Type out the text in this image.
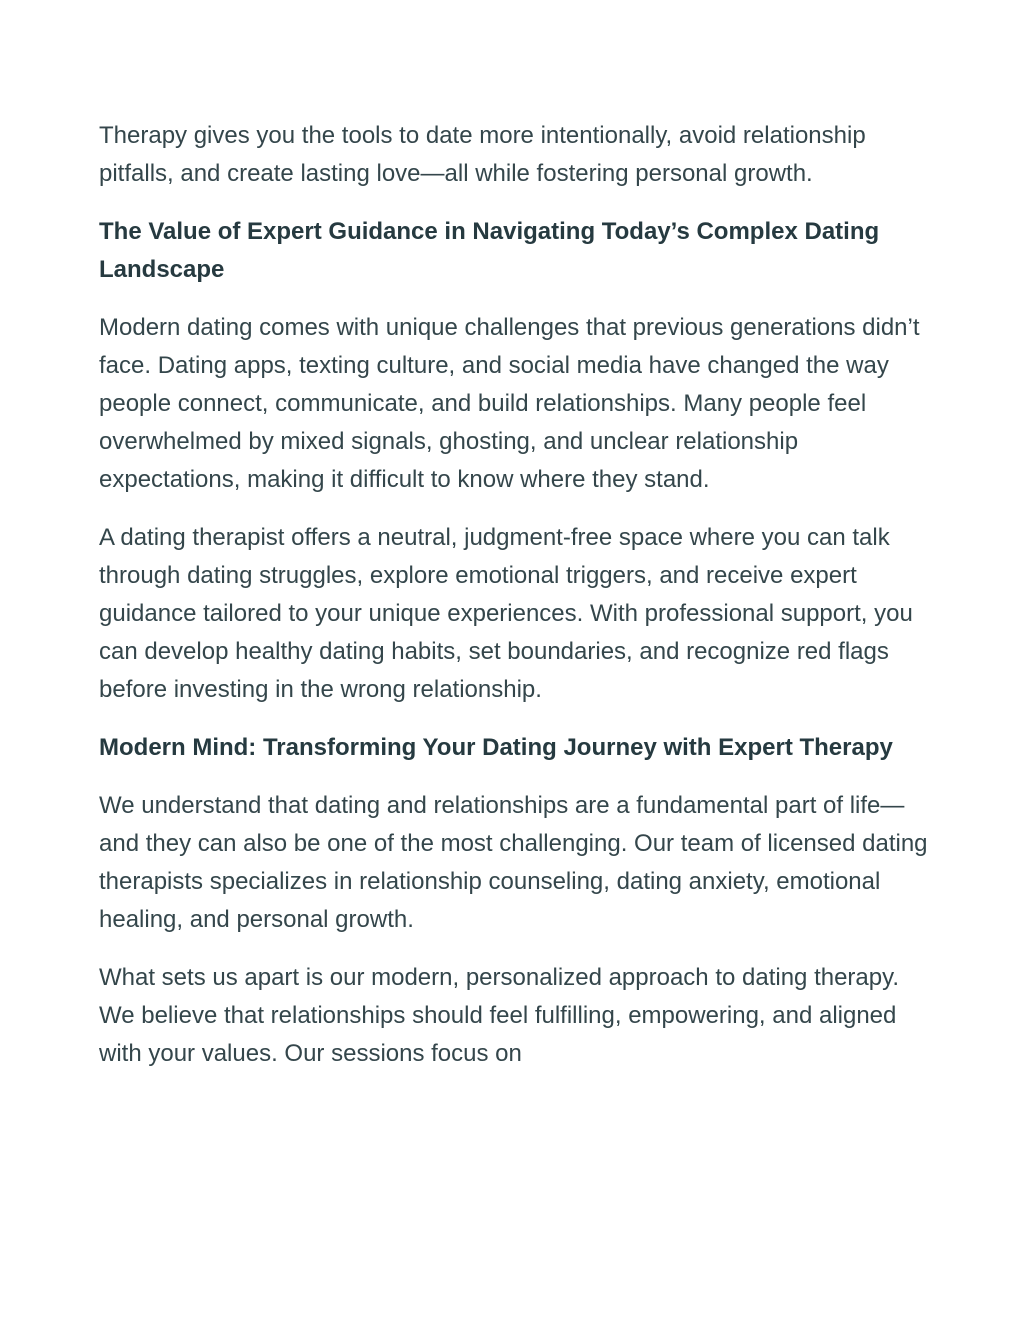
Therapy gives you the tools to date more intentionally, avoid relationship pitfalls, and create lasting love—all while fostering personal growth.

The Value of Expert Guidance in Navigating Today’s Complex Dating Landscape

Modern dating comes with unique challenges that previous generations didn’t face. Dating apps, texting culture, and social media have changed the way people connect, communicate, and build relationships. Many people feel overwhelmed by mixed signals, ghosting, and unclear relationship expectations, making it difficult to know where they stand.

A dating therapist offers a neutral, judgment-free space where you can talk through dating struggles, explore emotional triggers, and receive expert guidance tailored to your unique experiences. With professional support, you can develop healthy dating habits, set boundaries, and recognize red flags before investing in the wrong relationship.

Modern Mind: Transforming Your Dating Journey with Expert Therapy

We understand that dating and relationships are a fundamental part of life—and they can also be one of the most challenging. Our team of licensed dating therapists specializes in relationship counseling, dating anxiety, emotional healing, and personal growth.

What sets us apart is our modern, personalized approach to dating therapy. We believe that relationships should feel fulfilling, empowering, and aligned with your values. Our sessions focus on
